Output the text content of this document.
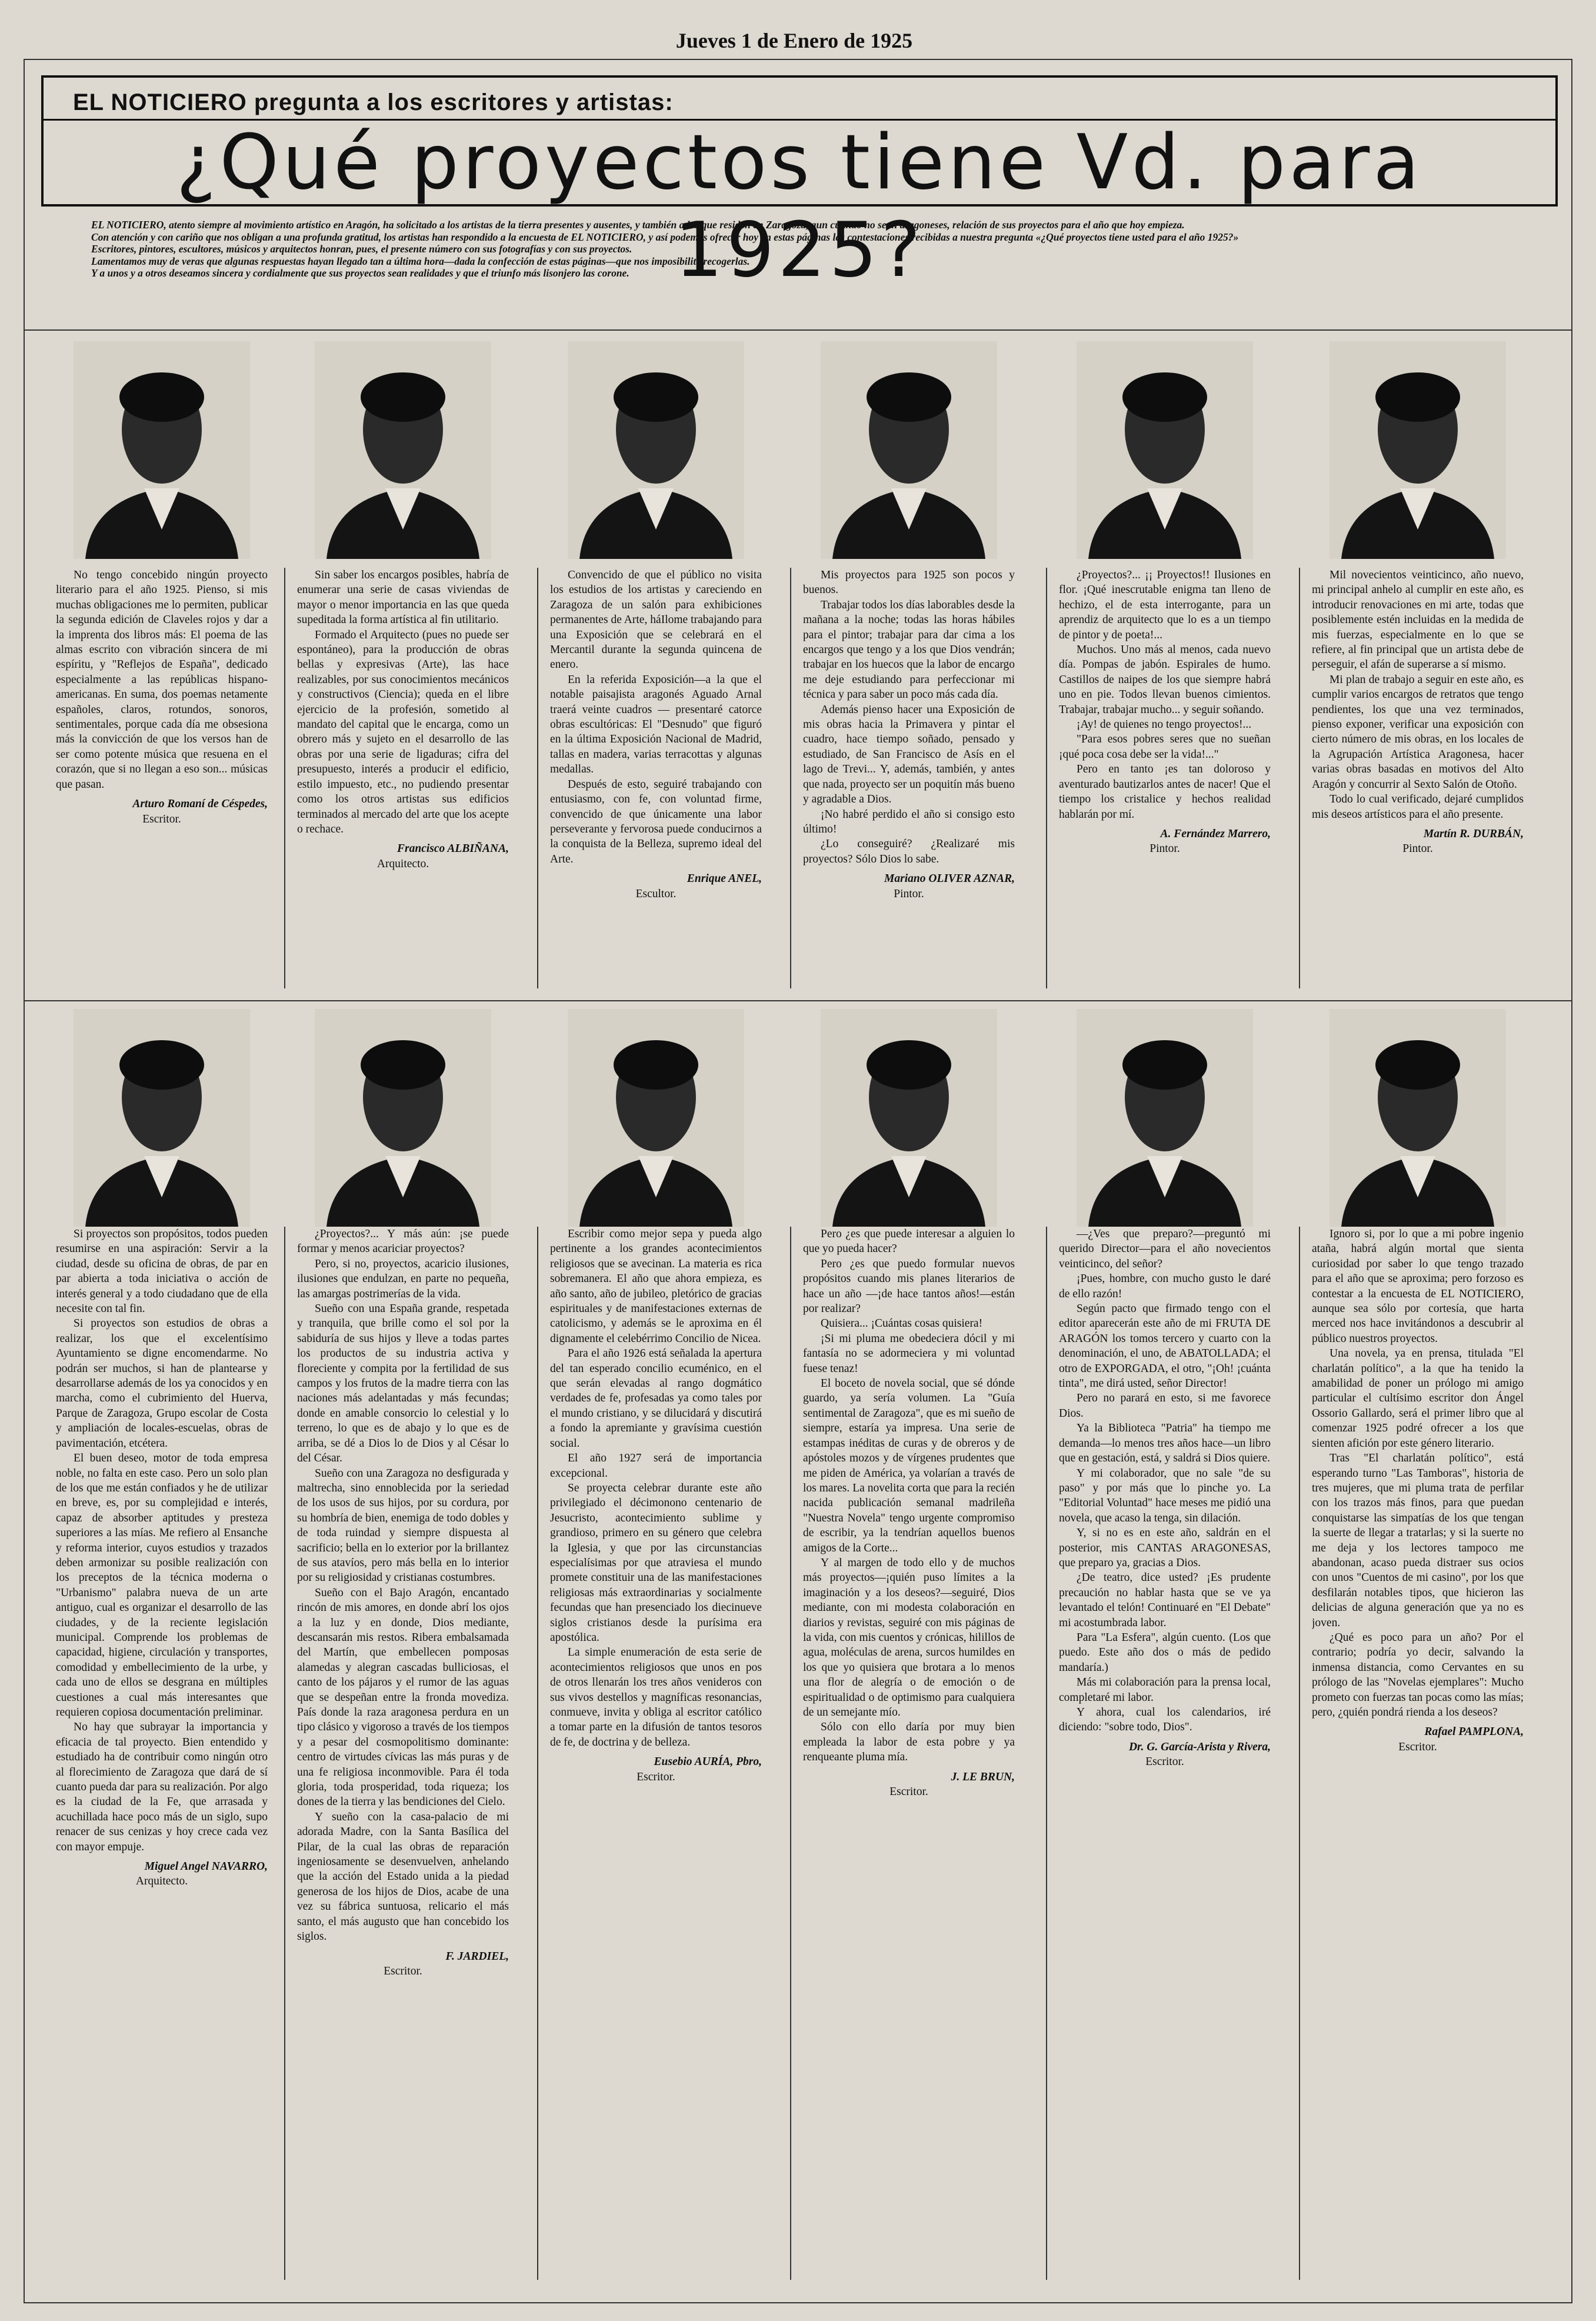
Jueves 1 de Enero de 1925
EL NOTICIERO pregunta a los escritores y artistas:
¿Qué proyectos tiene Vd. para 1925?

EL NOTICIERO, atento siempre al movimiento artístico en Aragón, ha solicitado a los artistas de la tierra presentes y ausentes, y también a los que residen en Zaragoza, aun cuando no sean aragoneses, relación de sus proyectos para el año que hoy empieza.

Con atención y con cariño que nos obligan a una profunda gratitud, los artistas han respondido a la encuesta de EL NOTICIERO, y así podemos ofrecer hoy en estas páginas las contestaciones recibidas a nuestra pregunta «¿Qué proyectos tiene usted para el año 1925?»

Escritores, pintores, escultores, músicos y arquitectos honran, pues, el presente número con sus fotografías y con sus proyectos.

Lamentamos muy de veras que algunas respuestas hayan llegado tan a última hora—dada la confección de estas páginas—que nos imposibilite recogerlas.

Y a unos y a otros deseamos sincera y cordialmente que sus proyectos sean realidades y que el triunfo más lisonjero las corone.

No tengo concebido ningún proyecto literario para el año 1925. Pienso, si mis muchas obligaciones me lo permiten, publicar la segunda edición de Claveles rojos y dar a la imprenta dos libros más: El poema de las almas escrito con vibración sincera de mi espíritu, y "Reflejos de España", dedicado especialmente a las repúblicas hispano-americanas. En suma, dos poemas netamente españoles, claros, rotundos, sonoros, sentimentales, porque cada día me obsesiona más la convicción de que los versos han de ser como potente música que resuena en el corazón, que si no llegan a eso son... músicas que pasan.

Arturo Romaní de Céspedes,

Escritor.

Sin saber los encargos posibles, habría de enumerar una serie de casas viviendas de mayor o menor importancia en las que queda supeditada la forma artística al fin utilitario.

Formado el Arquitecto (pues no puede ser espontáneo), para la producción de obras bellas y expresivas (Arte), las hace realizables, por sus conocimientos mecánicos y constructivos (Ciencia); queda en el libre ejercicio de la profesión, sometido al mandato del capital que le encarga, como un obrero más y sujeto en el desarrollo de las obras por una serie de ligaduras; cifra del presupuesto, interés a producir el edificio, estilo impuesto, etc., no pudiendo presentar como los otros artistas sus edificios terminados al mercado del arte que los acepte o rechace.

Francisco ALBIÑANA,

Arquitecto.

Convencido de que el público no visita los estudios de los artistas y careciendo en Zaragoza de un salón para exhibiciones permanentes de Arte, háIlome trabajando para una Exposición que se celebrará en el Mercantil durante la segunda quincena de enero.

En la referida Exposición—a la que el notable paisajista aragonés Aguado Arnal traerá veinte cuadros — presentaré catorce obras escultóricas: El "Desnudo" que figuró en la última Exposición Nacional de Madrid, tallas en madera, varias terracottas y algunas medallas.

Después de esto, seguiré trabajando con entusiasmo, con fe, con voluntad firme, convencido de que únicamente una labor perseverante y fervorosa puede conducirnos a la conquista de la Belleza, supremo ideal del Arte.

Enrique ANEL,

Escultor.

Mis proyectos para 1925 son pocos y buenos.

Trabajar todos los días laborables desde la mañana a la noche; todas las horas hábiles para el pintor; trabajar para dar cima a los encargos que tengo y a los que Dios vendrán; trabajar en los huecos que la labor de encargo me deje estudiando para perfeccionar mi técnica y para saber un poco más cada día.

Además pienso hacer una Exposición de mis obras hacia la Primavera y pintar el cuadro, hace tiempo soñado, pensado y estudiado, de San Francisco de Asís en el lago de Trevi... Y, además, también, y antes que nada, proyecto ser un poquitín más bueno y agradable a Dios.

¡No habré perdido el año si consigo esto último!

¿Lo conseguiré? ¿Realizaré mis proyectos? Sólo Dios lo sabe.

Mariano OLIVER AZNAR,

Pintor.

¿Proyectos?... ¡¡ Proyectos!! Ilusiones en flor. ¡Qué inescrutable enigma tan lleno de hechizo, el de esta interrogante, para un aprendiz de arquitecto que lo es a un tiempo de pintor y de poeta!...

Muchos. Uno más al menos, cada nuevo día. Pompas de jabón. Espirales de humo. Castillos de naipes de los que siempre habrá uno en pie. Todos llevan buenos cimientos. Trabajar, trabajar mucho... y seguir soñando.

¡Ay! de quienes no tengo proyectos!...

"Para esos pobres seres que no sueñan ¡qué poca cosa debe ser la vida!..."

Pero en tanto ¡es tan doloroso y aventurado bautizarlos antes de nacer! Que el tiempo los cristalice y hechos realidad hablarán por mí.

A. Fernández Marrero,

Pintor.

Mil novecientos veinticinco, año nuevo, mi principal anhelo al cumplir en este año, es introducir renovaciones en mi arte, todas que posiblemente estén incluidas en la medida de mis fuerzas, especialmente en lo que se refiere, al fin principal que un artista debe de perseguir, el afán de superarse a sí mismo.

Mi plan de trabajo a seguir en este año, es cumplir varios encargos de retratos que tengo pendientes, los que una vez terminados, pienso exponer, verificar una exposición con cierto número de mis obras, en los locales de la Agrupación Artística Aragonesa, hacer varias obras basadas en motivos del Alto Aragón y concurrir al Sexto Salón de Otoño.

Todo lo cual verificado, dejaré cumplidos mis deseos artísticos para el año presente.

Martín R. DURBÁN,

Pintor.

Si proyectos son propósitos, todos pueden resumirse en una aspiración: Servir a la ciudad, desde su oficina de obras, de par en par abierta a toda iniciativa o acción de interés general y a todo ciudadano que de ella necesite con tal fin.

Si proyectos son estudios de obras a realizar, los que el excelentísimo Ayuntamiento se digne encomendarme. No podrán ser muchos, si han de plantearse y desarrollarse además de los ya conocidos y en marcha, como el cubrimiento del Huerva, Parque de Zaragoza, Grupo escolar de Costa y ampliación de locales-escuelas, obras de pavimentación, etcétera.

El buen deseo, motor de toda empresa noble, no falta en este caso. Pero un solo plan de los que me están confiados y he de utilizar en breve, es, por su complejidad e interés, capaz de absorber aptitudes y presteza superiores a las mías. Me refiero al Ensanche y reforma interior, cuyos estudios y trazados deben armonizar su posible realización con los preceptos de la técnica moderna o "Urbanismo" palabra nueva de un arte antiguo, cual es organizar el desarrollo de las ciudades, y de la reciente legislación municipal. Comprende los problemas de capacidad, higiene, circulación y transportes, comodidad y embellecimiento de la urbe, y cada uno de ellos se desgrana en múltiples cuestiones a cual más interesantes que requieren copiosa documentación preliminar.

No hay que subrayar la importancia y eficacia de tal proyecto. Bien entendido y estudiado ha de contribuir como ningún otro al florecimiento de Zaragoza que dará de sí cuanto pueda dar para su realización. Por algo es la ciudad de la Fe, que arrasada y acuchillada hace poco más de un siglo, supo renacer de sus cenizas y hoy crece cada vez con mayor empuje.

Miguel Angel NAVARRO,

Arquitecto.

¿Proyectos?... Y más aún: ¡se puede formar y menos acariciar proyectos?

Pero, si no, proyectos, acaricio ilusiones, ilusiones que endulzan, en parte no pequeña, las amargas postrimerías de la vida.

Sueño con una España grande, respetada y tranquila, que brille como el sol por la sabiduría de sus hijos y lleve a todas partes los productos de su industria activa y floreciente y compita por la fertilidad de sus campos y los frutos de la madre tierra con las naciones más adelantadas y más fecundas; donde en amable consorcio lo celestial y lo terreno, lo que es de abajo y lo que es de arriba, se dé a Dios lo de Dios y al César lo del César.

Sueño con una Zaragoza no desfigurada y maltrecha, sino ennoblecida por la seriedad de los usos de sus hijos, por su cordura, por su hombría de bien, enemiga de todo dobles y de toda ruindad y siempre dispuesta al sacrificio; bella en lo exterior por la brillantez de sus atavíos, pero más bella en lo interior por su religiosidad y cristianas costumbres.

Sueño con el Bajo Aragón, encantado rincón de mis amores, en donde abrí los ojos a la luz y en donde, Dios mediante, descansarán mis restos. Ribera embalsamada del Martín, que embellecen pomposas alamedas y alegran cascadas bulliciosas, el canto de los pájaros y el rumor de las aguas que se despeñan entre la fronda movediza. País donde la raza aragonesa perdura en un tipo clásico y vigoroso a través de los tiempos y a pesar del cosmopolitismo dominante: centro de virtudes cívicas las más puras y de una fe religiosa inconmovible. Para él toda gloria, toda prosperidad, toda riqueza; los dones de la tierra y las bendiciones del Cielo.

Y sueño con la casa-palacio de mi adorada Madre, con la Santa Basílica del Pilar, de la cual las obras de reparación ingeniosamente se desenvuelven, anhelando que la acción del Estado unida a la piedad generosa de los hijos de Dios, acabe de una vez su fábrica suntuosa, relicario el más santo, el más augusto que han concebido los siglos.

F. JARDIEL,

Escritor.

Escribir como mejor sepa y pueda algo pertinente a los grandes acontecimientos religiosos que se avecinan. La materia es rica sobremanera. El año que ahora empieza, es año santo, año de jubileo, pletórico de gracias espirituales y de manifestaciones externas de catolicismo, y además se le aproxima en él dignamente el celebérrimo Concilio de Nicea.

Para el año 1926 está señalada la apertura del tan esperado concilio ecuménico, en el que serán elevadas al rango dogmático verdades de fe, profesadas ya como tales por el mundo cristiano, y se dilucidará y discutirá a fondo la apremiante y gravísima cuestión social.

El año 1927 será de importancia excepcional.

Se proyecta celebrar durante este año privilegiado el décimonono centenario de Jesucristo, acontecimiento sublime y grandioso, primero en su género que celebra la Iglesia, y que por las circunstancias especialísimas por que atraviesa el mundo promete constituir una de las manifestaciones religiosas más extraordinarias y socialmente fecundas que han presenciado los diecinueve siglos cristianos desde la purísima era apostólica.

La simple enumeración de esta serie de acontecimientos religiosos que unos en pos de otros llenarán los tres años venideros con sus vivos destellos y magníficas resonancias, conmueve, invita y obliga al escritor católico a tomar parte en la difusión de tantos tesoros de fe, de doctrina y de belleza.

Eusebio AURÍA, Pbro,

Escritor.

Pero ¿es que puede interesar a alguien lo que yo pueda hacer?

Pero ¿es que puedo formular nuevos propósitos cuando mis planes literarios de hace un año —¡de hace tantos años!—están por realizar?

Quisiera... ¡Cuántas cosas quisiera!

¡Si mi pluma me obedeciera dócil y mi fantasía no se adormeciera y mi voluntad fuese tenaz!

El boceto de novela social, que sé dónde guardo, ya sería volumen. La "Guía sentimental de Zaragoza", que es mi sueño de siempre, estaría ya impresa. Una serie de estampas inéditas de curas y de obreros y de apóstoles mozos y de vírgenes prudentes que me piden de América, ya volarían a través de los mares. La novelita corta que para la recién nacida publicación semanal madrileña "Nuestra Novela" tengo urgente compromiso de escribir, ya la tendrían aquellos buenos amigos de la Corte...

Y al margen de todo ello y de muchos más proyectos—¡quién puso límites a la imaginación y a los deseos?—seguiré, Dios mediante, con mi modesta colaboración en diarios y revistas, seguiré con mis páginas de la vida, con mis cuentos y crónicas, hilillos de agua, moléculas de arena, surcos humildes en los que yo quisiera que brotara a lo menos una flor de alegría o de emoción o de espiritualidad o de optimismo para cualquiera de un semejante mío.

Sólo con ello daría por muy bien empleada la labor de esta pobre y ya renqueante pluma mía.

J. LE BRUN,

Escritor.

—¿Ves que preparo?—preguntó mi querido Director—para el año novecientos veinticinco, del señor?

¡Pues, hombre, con mucho gusto le daré de ello razón!

Según pacto que firmado tengo con el editor aparecerán este año de mi FRUTA DE ARAGÓN los tomos tercero y cuarto con la denominación, el uno, de ABATOLLADA; el otro de EXPORGADA, el otro, "¡Oh! ¡cuánta tinta", me dirá usted, señor Director!

Pero no parará en esto, si me favorece Dios.

Ya la Biblioteca "Patria" ha tiempo me demanda—lo menos tres años hace—un libro que en gestación, está, y saldrá si Dios quiere.

Y mi colaborador, que no sale "de su paso" y por más que lo pinche yo. La "Editorial Voluntad" hace meses me pidió una novela, que acaso la tenga, sin dilación.

Y, si no es en este año, saldrán en el posterior, mis CANTAS ARAGONESAS, que preparo ya, gracias a Dios.

¿De teatro, dice usted? ¡Es prudente precaución no hablar hasta que se ve ya levantado el telón! Continuaré en "El Debate" mi acostumbrada labor.

Para "La Esfera", algún cuento. (Los que puedo. Este año dos o más de pedido mandaría.)

Más mi colaboración para la prensa local, completaré mi labor.

Y ahora, cual los calendarios, iré diciendo: "sobre todo, Dios".

Dr. G. García-Arista y Rivera,

Escritor.

Ignoro si, por lo que a mi pobre ingenio ataña, habrá algún mortal que sienta curiosidad por saber lo que tengo trazado para el año que se aproxima; pero forzoso es contestar a la encuesta de EL NOTICIERO, aunque sea sólo por cortesía, que harta merced nos hace invitándonos a descubrir al público nuestros proyectos.

Una novela, ya en prensa, titulada "El charlatán político", a la que ha tenido la amabilidad de poner un prólogo mi amigo particular el cultísimo escritor don Ángel Ossorio Gallardo, será el primer libro que al comenzar 1925 podré ofrecer a los que sienten afición por este género literario.

Tras "El charlatán político", está esperando turno "Las Tamboras", historia de tres mujeres, que mi pluma trata de perfilar con los trazos más finos, para que puedan conquistarse las simpatías de los que tengan la suerte de llegar a tratarlas; y si la suerte no me deja y los lectores tampoco me abandonan, acaso pueda distraer sus ocios con unos "Cuentos de mi casino", por los que desfilarán notables tipos, que hicieron las delicias de alguna generación que ya no es joven.

¿Qué es poco para un año? Por el contrario; podría yo decir, salvando la inmensa distancia, como Cervantes en su prólogo de las "Novelas ejemplares": Mucho prometo con fuerzas tan pocas como las mías; pero, ¿quién pondrá rienda a los deseos?

Rafael PAMPLONA,

Escritor.
